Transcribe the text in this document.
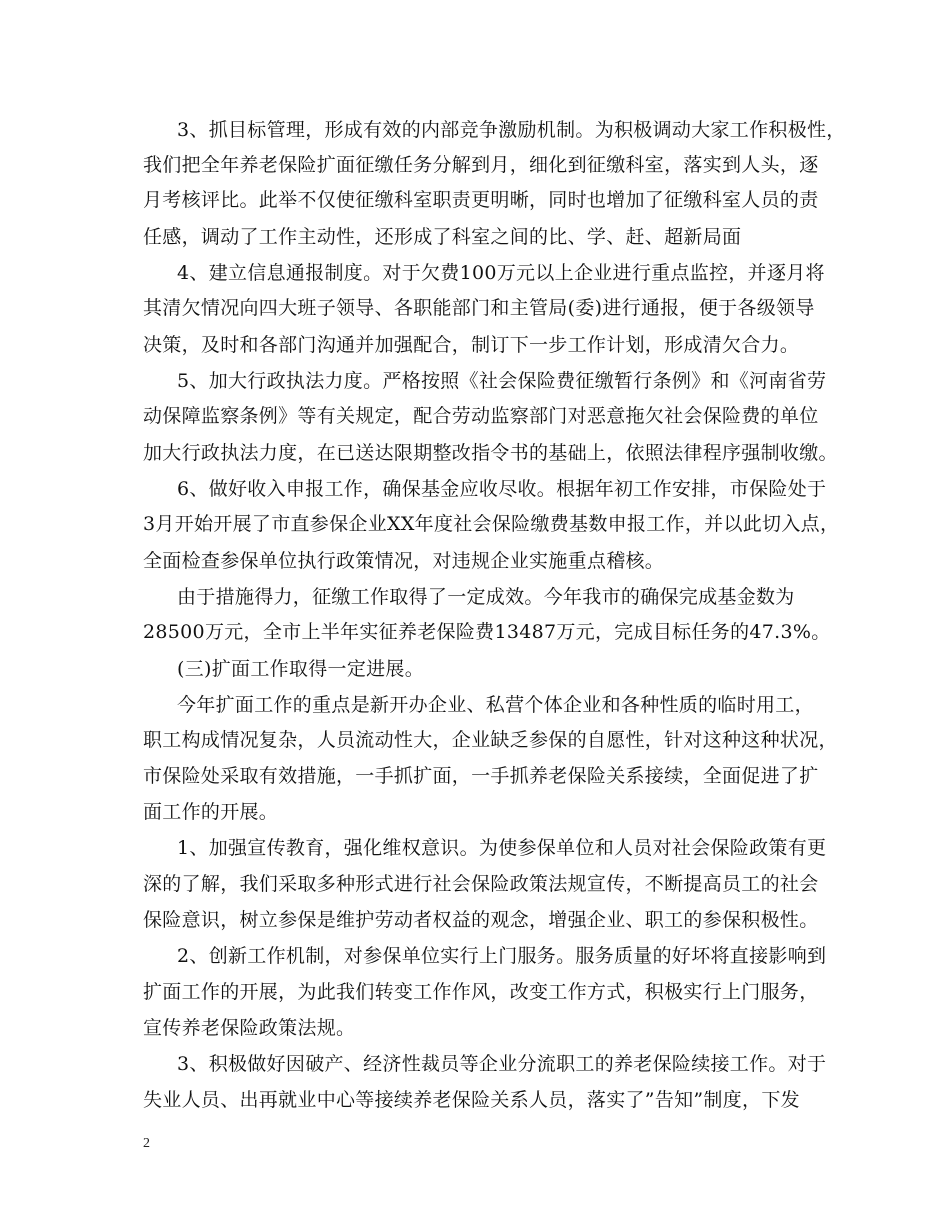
3、抓目标管理，形成有效的内部竞争激励机制。为积极调动大家工作积极性，
我们把全年养老保险扩面征缴任务分解到月，细化到征缴科室，落实到人头，逐
月考核评比。此举不仅使征缴科室职责更明晰，同时也增加了征缴科室人员的责
任感，调动了工作主动性，还形成了科室之间的比、学、赶、超新局面
4、建立信息通报制度。对于欠费100万元以上企业进行重点监控，并逐月将
其清欠情况向四大班子领导、各职能部门和主管局(委)进行通报，便于各级领导
决策，及时和各部门沟通并加强配合，制订下一步工作计划，形成清欠合力。
5、加大行政执法力度。严格按照《社会保险费征缴暂行条例》和《河南省劳
动保障监察条例》等有关规定，配合劳动监察部门对恶意拖欠社会保险费的单位
加大行政执法力度，在已送达限期整改指令书的基础上，依照法律程序强制收缴。
6、做好收入申报工作，确保基金应收尽收。根据年初工作安排，市保险处于
3月开始开展了市直参保企业XX年度社会保险缴费基数申报工作，并以此切入点，
全面检查参保单位执行政策情况，对违规企业实施重点稽核。
由于措施得力，征缴工作取得了一定成效。今年我市的确保完成基金数为
28500万元，全市上半年实征养老保险费13487万元，完成目标任务的47.3%。
(三)扩面工作取得一定进展。
今年扩面工作的重点是新开办企业、私营个体企业和各种性质的临时用工，
职工构成情况复杂，人员流动性大，企业缺乏参保的自愿性，针对这种这种状况，
市保险处采取有效措施，一手抓扩面，一手抓养老保险关系接续，全面促进了扩
面工作的开展。
1、加强宣传教育，强化维权意识。为使参保单位和人员对社会保险政策有更
深的了解，我们采取多种形式进行社会保险政策法规宣传，不断提高员工的社会
保险意识，树立参保是维护劳动者权益的观念，增强企业、职工的参保积极性。
2、创新工作机制，对参保单位实行上门服务。服务质量的好坏将直接影响到
扩面工作的开展，为此我们转变工作作风，改变工作方式，积极实行上门服务，
宣传养老保险政策法规。
3、积极做好因破产、经济性裁员等企业分流职工的养老保险续接工作。对于
失业人员、出再就业中心等接续养老保险关系人员，落实了”告知”制度，下发
2
